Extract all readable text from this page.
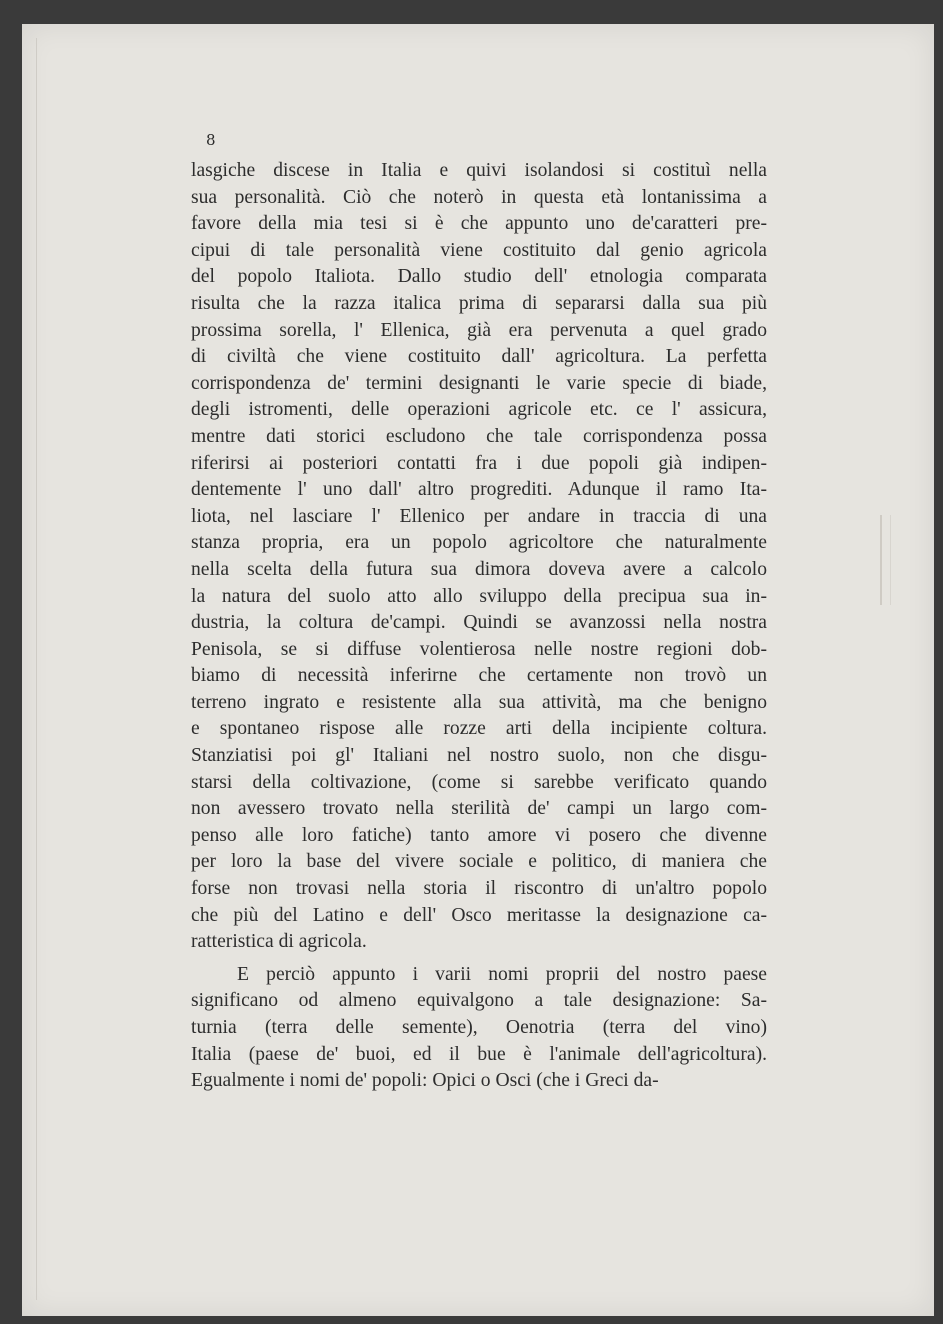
8
lasgiche discese in Italia e quivi isolandosi si costituì nella
sua personalità. Ciò che noterò in questa età lontanissima a
favore della mia tesi si è che appunto uno de'caratteri pre-
cipui di tale personalità viene costituito dal genio agricola
del popolo Italiota. Dallo studio dell' etnologia comparata
risulta che la razza italica prima di separarsi dalla sua più
prossima sorella, l' Ellenica, già era pervenuta a quel grado
di civiltà che viene costituito dall' agricoltura. La perfetta
corrispondenza de' termini designanti le varie specie di biade,
degli istromenti, delle operazioni agricole etc. ce l' assicura,
mentre dati storici escludono che tale corrispondenza possa
riferirsi ai posteriori contatti fra i due popoli già indipen-
dentemente l' uno dall' altro progrediti. Adunque il ramo Ita-
liota, nel lasciare l' Ellenico per andare in traccia di una
stanza propria, era un popolo agricoltore che naturalmente
nella scelta della futura sua dimora doveva avere a calcolo
la natura del suolo atto allo sviluppo della precipua sua in-
dustria, la coltura de'campi. Quindi se avanzossi nella nostra
Penisola, se si diffuse volentierosa nelle nostre regioni dob-
biamo di necessità inferirne che certamente non trovò un
terreno ingrato e resistente alla sua attività, ma che benigno
e spontaneo rispose alle rozze arti della incipiente coltura.
Stanziatisi poi gl' Italiani nel nostro suolo, non che disgu-
starsi della coltivazione, (come si sarebbe verificato quando
non avessero trovato nella sterilità de' campi un largo com-
penso alle loro fatiche) tanto amore vi posero che divenne
per loro la base del vivere sociale e politico, di maniera che
forse non trovasi nella storia il riscontro di un'altro popolo
che più del Latino e dell' Osco meritasse la designazione ca-
ratteristica di agricola.
E perciò appunto i varii nomi proprii del nostro paese
significano od almeno equivalgono a tale designazione: Sa-
turnia (terra delle semente), Oenotria (terra del vino)
Italia (paese de' buoi, ed il bue è l'animale dell'agricoltura).
Egualmente i nomi de' popoli: Opici o Osci (che i Greci da-
